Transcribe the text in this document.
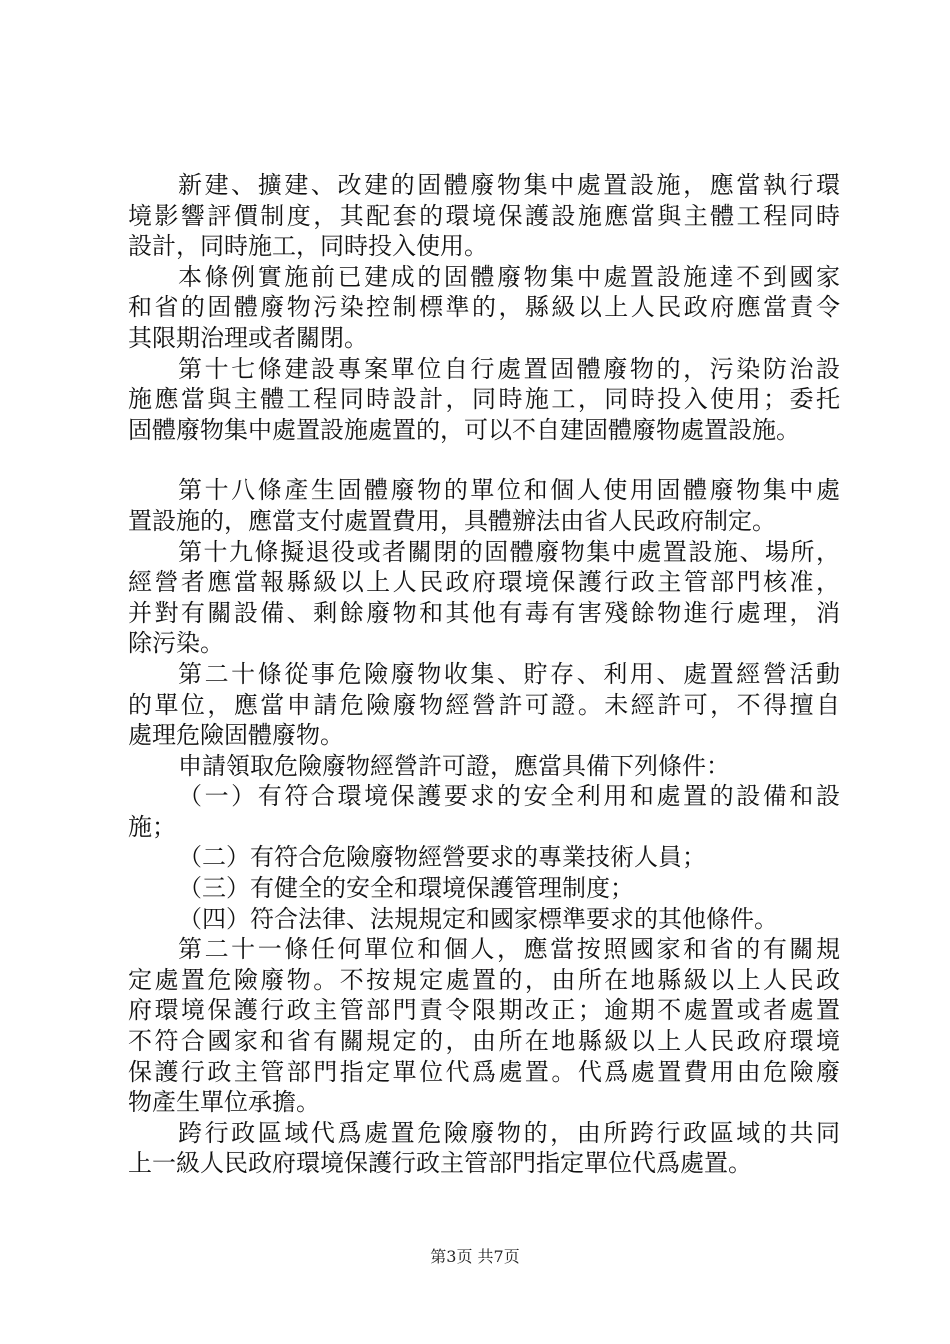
新建、擴建、改建的固體廢物集中處置設施，應當執行環
境影響評價制度，其配套的環境保護設施應當與主體工程同時
設計，同時施工，同時投入使用。
本條例實施前已建成的固體廢物集中處置設施達不到國家
和省的固體廢物污染控制標準的，縣級以上人民政府應當責令
其限期治理或者關閉。
第十七條建設專案單位自行處置固體廢物的，污染防治設
施應當與主體工程同時設計，同時施工，同時投入使用；委托
固體廢物集中處置設施處置的，可以不自建固體廢物處置設施。
第十八條產生固體廢物的單位和個人使用固體廢物集中處
置設施的，應當支付處置費用，具體辦法由省人民政府制定。
第十九條擬退役或者關閉的固體廢物集中處置設施、場所，
經營者應當報縣級以上人民政府環境保護行政主管部門核准，
并對有關設備、剩餘廢物和其他有毒有害殘餘物進行處理，消
除污染。
第二十條從事危險廢物收集、貯存、利用、處置經營活動
的單位，應當申請危險廢物經營許可證。未經許可，不得擅自
處理危險固體廢物。
申請領取危險廢物經營許可證，應當具備下列條件：
（一）有符合環境保護要求的安全利用和處置的設備和設
施；
（二）有符合危險廢物經營要求的專業技術人員；
（三）有健全的安全和環境保護管理制度；
（四）符合法律、法規規定和國家標準要求的其他條件。
第二十一條任何單位和個人，應當按照國家和省的有關規
定處置危險廢物。不按規定處置的，由所在地縣級以上人民政
府環境保護行政主管部門責令限期改正；逾期不處置或者處置
不符合國家和省有關規定的，由所在地縣級以上人民政府環境
保護行政主管部門指定單位代爲處置。代爲處置費用由危險廢
物產生單位承擔。
跨行政區域代爲處置危險廢物的，由所跨行政區域的共同
上一級人民政府環境保護行政主管部門指定單位代爲處置。
第3页 共7页
